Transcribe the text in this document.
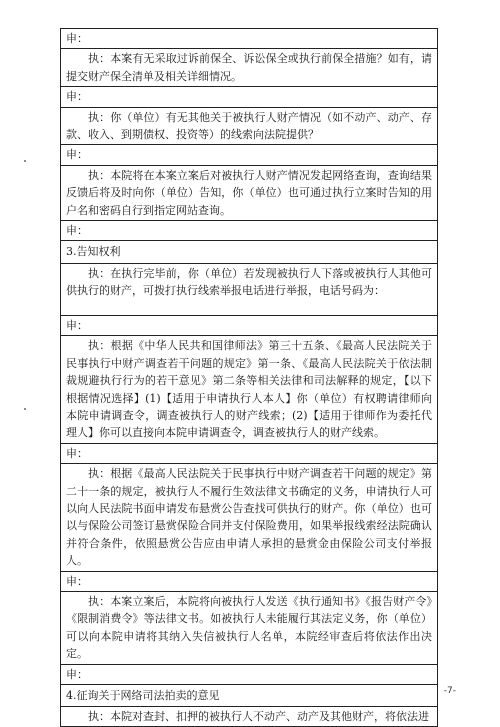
申：
执：本案有无采取过诉前保全、诉讼保全或执行前保全措施？如有，请提交财产保全清单及相关详细情况。
申：
执：你（单位）有无其他关于被执行人财产情况（如不动产、动产、存款、收入、到期债权、投资等）的线索向法院提供？
申：
执：本院将在本案立案后对被执行人财产情况发起网络查询，查询结果反馈后将及时向你（单位）告知，你（单位）也可通过执行立案时告知的用户名和密码自行到指定网站查询。
申：
3.告知权利
执：在执行完毕前，你（单位）若发现被执行人下落或被执行人其他可供执行的财产，可拨打执行线索举报电话进行举报，电话号码为：
申：
执：根据《中华人民共和国律师法》第三十五条、《最高人民法院关于民事执行中财产调查若干问题的规定》第一条、《最高人民法院关于依法制裁规避执行行为的若干意见》第二条等相关法律和司法解释的规定，【以下根据情况选择】(1)【适用于申请执行人本人】你（单位）有权聘请律师向本院申请调查令，调查被执行人的财产线索；(2)【适用于律师作为委托代理人】你可以直接向本院申请调查令，调查被执行人的财产线索。
申：
执：根据《最高人民法院关于民事执行中财产调查若干问题的规定》第二十一条的规定，被执行人不履行生效法律文书确定的义务，申请执行人可以向人民法院书面申请发布悬赏公告查找可供执行的财产。你（单位）也可以与保险公司签订悬赏保险合同并支付保险费用，如果举报线索经法院确认并符合条件，依照悬赏公告应由申请人承担的悬赏金由保险公司支付举报人。
申：
执：本案立案后，本院将向被执行人发送《执行通知书》《报告财产令》《限制消费令》等法律文书。如被执行人未能履行其法定义务，你（单位）可以向本院申请将其纳入失信被执行人名单，本院经审查后将依法作出决定。
申：
4.征询关于网络司法拍卖的意见
执：本院对查封、扣押的被执行人不动产、动产及其他财产，将依法进
-7-
